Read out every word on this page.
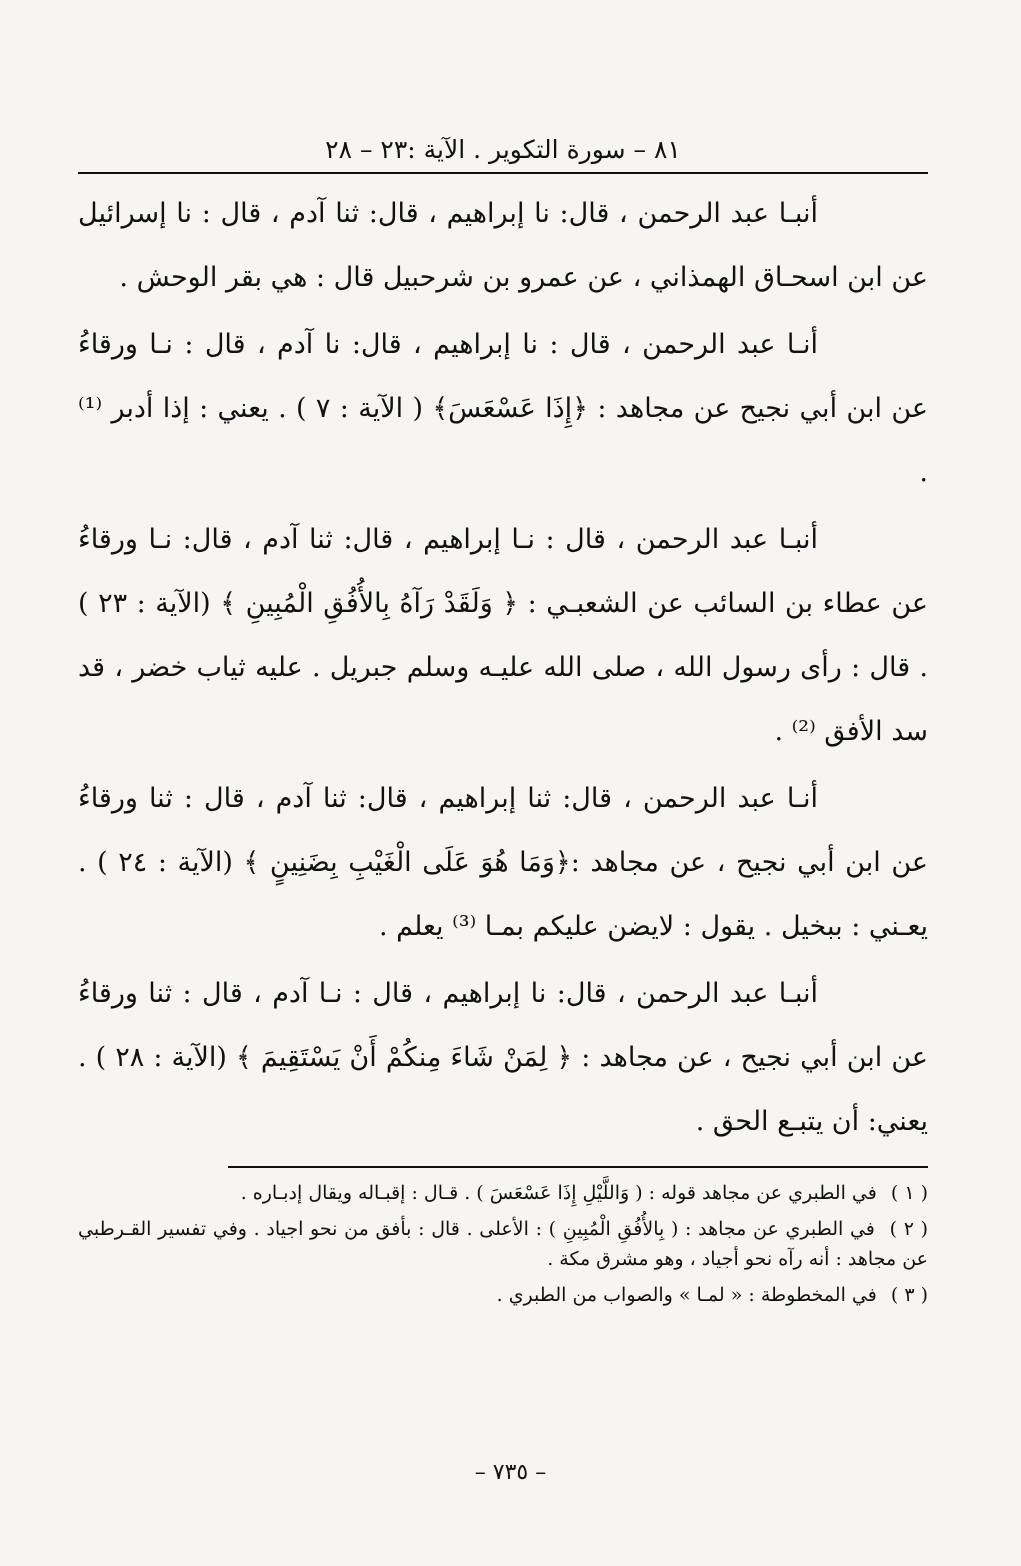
٨١ – سورة التكوير . الآية :٢٣ – ٢٨

أنبـا عبد الرحمن ، قال: نا إبراهيم ، قال: ثنا آدم ، قال : نا إسرائيل عن ابن اسحـاق الهمذاني ، عن عمرو بن شرحبيل قال : هي بقر الوحش .

أنـا عبد الرحمن ، قال : نا إبراهيم ، قال: نا آدم ، قال : نـا ورقاءُ عن ابن أبي نجيح عن مجاهد : ﴿إِذَا عَسْعَسَ﴾ ( الآية : ٧ ) . يعني : إذا أدبر ⁽¹⁾ .

أنبـا عبد الرحمن ، قال : نـا إبراهيم ، قال: ثنا آدم ، قال: نـا ورقاءُ عن عطاء بن السائب عن الشعبـي : ﴿ وَلَقَدْ رَآهُ بِالأُفُقِ الْمُبِينِ ﴾ (الآية : ٢٣ ) . قال : رأى رسول الله ، صلى الله عليـه وسلم جبريل . عليه ثياب خضر ، قد سد الأفق ⁽²⁾ .

أنـا عبد الرحمن ، قال: ثنا إبراهيم ، قال: ثنا آدم ، قال : ثنا ورقاءُ عن ابن أبي نجيح ، عن مجاهد :﴿وَمَا هُوَ عَلَى الْغَيْبِ بِضَنِينٍ ﴾ (الآية : ٢٤ ) . يعـني : ببخيل . يقول : لايضن عليكم بمـا ⁽³⁾ يعلم .

أنبـا عبد الرحمن ، قال: نا إبراهيم ، قال : نـا آدم ، قال : ثنا ورقاءُ عن ابن أبي نجيح ، عن مجاهد : ﴿ لِمَنْ شَاءَ مِنكُمْ أَنْ يَسْتَقِيمَ ﴾ (الآية : ٢٨ ) . يعني: أن يتبـع الحق .

( ١ ) في الطبري عن مجاهد قوله : ( وَاللَّيْلِ إِذَا عَسْعَسَ ) . قـال : إقبـاله ويقال إدبـاره .

( ٢ ) في الطبري عن مجاهد : ( بِالأُفُقِ الْمُبِينِ ) : الأعلى . قال : بأفق من نحو اجياد . وفي تفسير القـرطبي عن مجاهد : أنه رآه نحو أجياد ، وهو مشرق مكة .

( ٣ ) في المخطوطة : « لمـا » والصواب من الطبري .

– ٧٣٥ –
